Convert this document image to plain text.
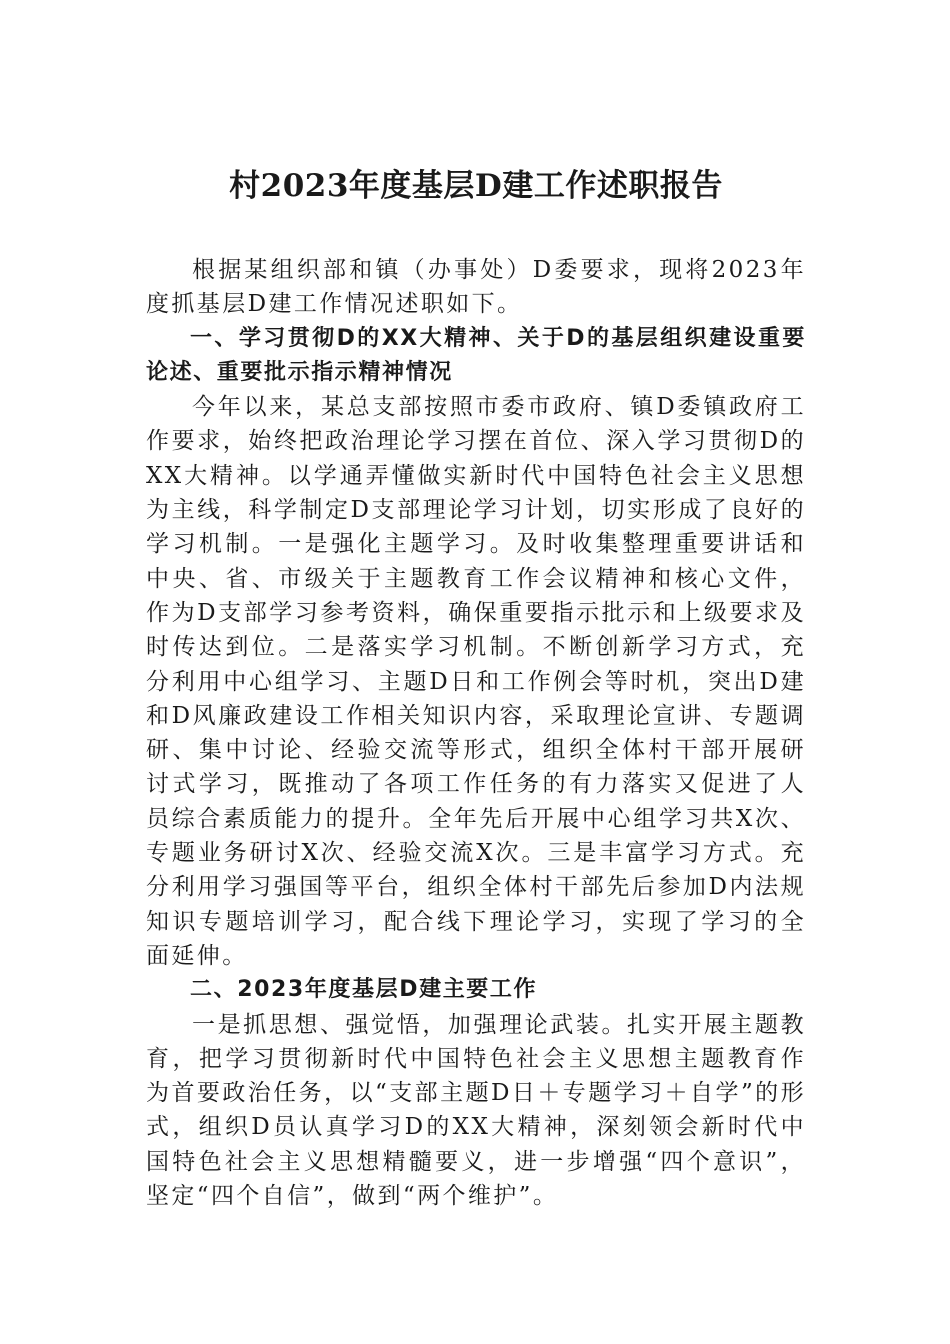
村2023年度基层D建工作述职报告

根据某组织部和镇（办事处）D委要求，现将2023年度抓基层D建工作情况述职如下。

一、学习贯彻D的XX大精神、关于D的基层组织建设重要论述、重要批示指示精神情况

今年以来，某总支部按照市委市政府、镇D委镇政府工作要求，始终把政治理论学习摆在首位、深入学习贯彻D的XX大精神。以学通弄懂做实新时代中国特色社会主义思想为主线，科学制定D支部理论学习计划，切实形成了良好的学习机制。一是强化主题学习。及时收集整理重要讲话和中央、省、市级关于主题教育工作会议精神和核心文件，作为D支部学习参考资料，确保重要指示批示和上级要求及时传达到位。二是落实学习机制。不断创新学习方式，充分利用中心组学习、主题D日和工作例会等时机，突出D建和D风廉政建设工作相关知识内容，采取理论宣讲、专题调研、集中讨论、经验交流等形式，组织全体村干部开展研讨式学习，既推动了各项工作任务的有力落实又促进了人员综合素质能力的提升。全年先后开展中心组学习共X次、专题业务研讨X次、经验交流X次。三是丰富学习方式。充分利用学习强国等平台，组织全体村干部先后参加D内法规知识专题培训学习，配合线下理论学习，实现了学习的全面延伸。

二、2023年度基层D建主要工作

一是抓思想、强觉悟，加强理论武装。扎实开展主题教育，把学习贯彻新时代中国特色社会主义思想主题教育作为首要政治任务，以“支部主题D日＋专题学习＋自学”的形式，组织D员认真学习D的XX大精神，深刻领会新时代中国特色社会主义思想精髓要义，进一步增强“四个意识”，坚定“四个自信”，做到“两个维护”。
